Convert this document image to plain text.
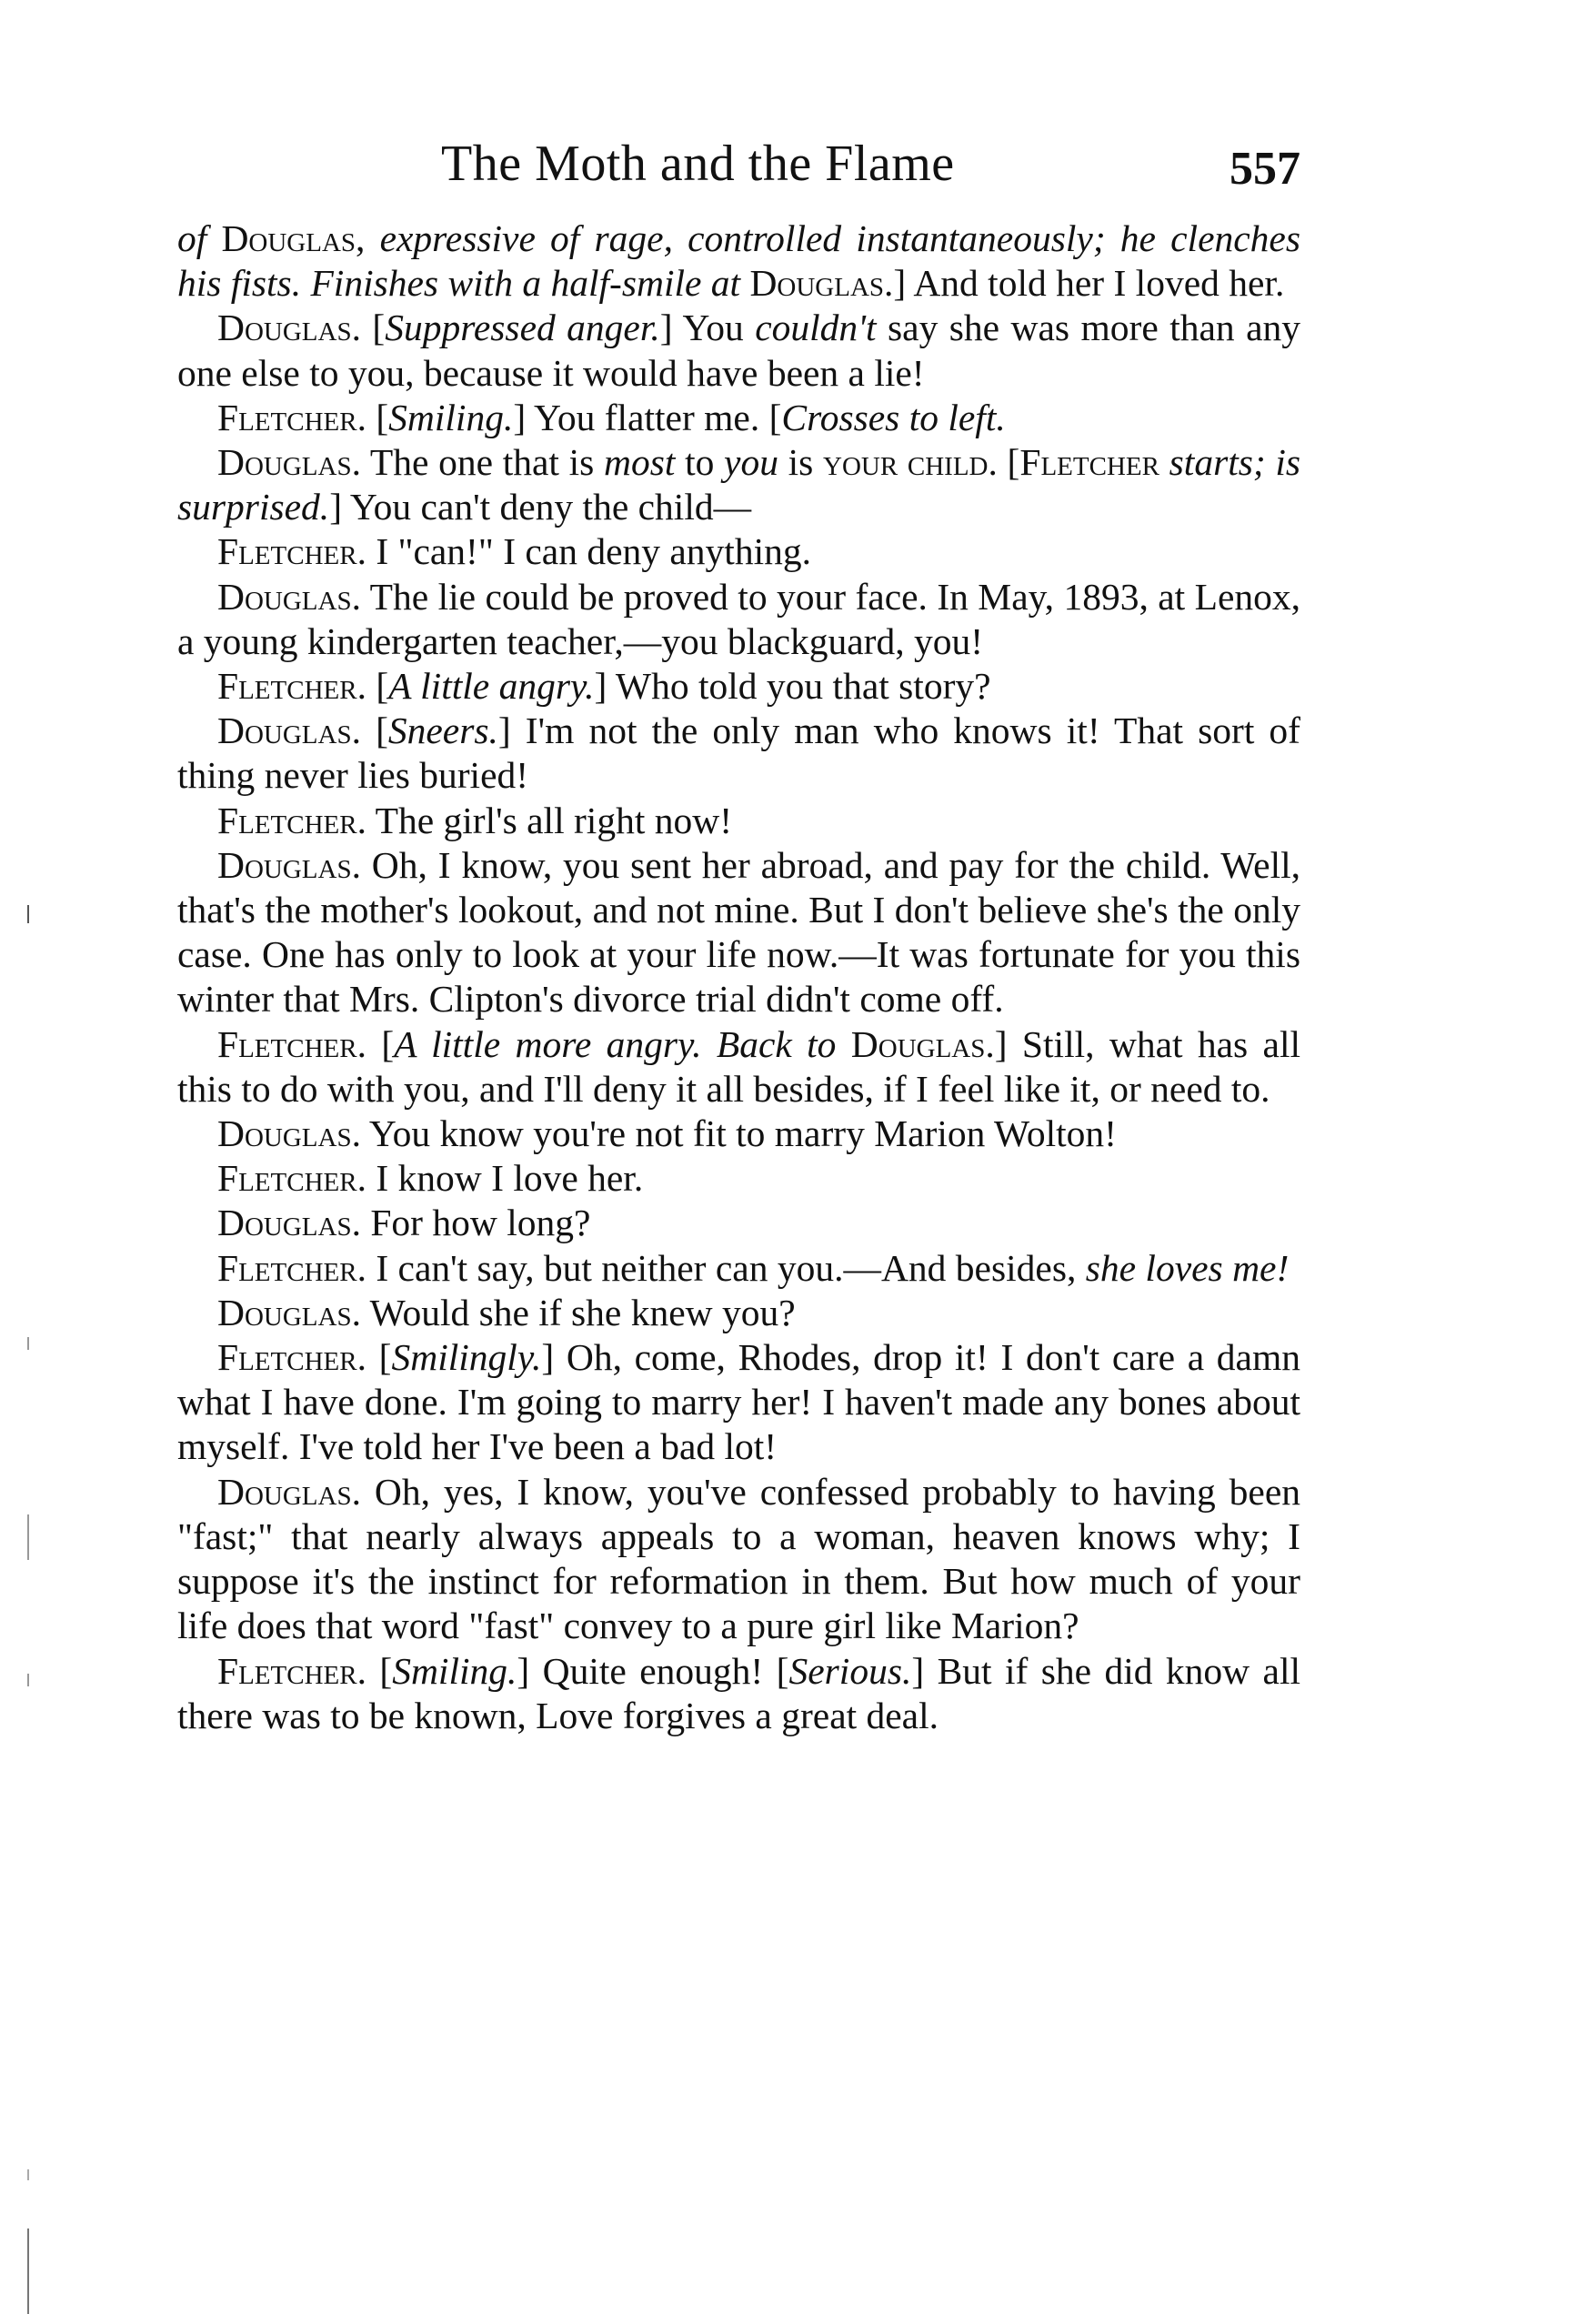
The Moth and the Flame	557

of Douglas, expressive of rage, controlled instantaneously; he clenches his fists. Finishes with a half-smile at Douglas.] And told her I loved her.

Douglas. [Suppressed anger.] You couldn't say she was more than any one else to you, because it would have been a lie!

Fletcher. [Smiling.] You flatter me. [Crosses to left.

Douglas. The one that is most to you is your child. [Fletcher starts; is surprised.] You can't deny the child—

Fletcher. I "can!" I can deny anything.

Douglas. The lie could be proved to your face. In May, 1893, at Lenox, a young kindergarten teacher,—you blackguard, you!

Fletcher. [A little angry.] Who told you that story?

Douglas. [Sneers.] I'm not the only man who knows it! That sort of thing never lies buried!

Fletcher. The girl's all right now!

Douglas. Oh, I know, you sent her abroad, and pay for the child. Well, that's the mother's lookout, and not mine. But I don't believe she's the only case. One has only to look at your life now.—It was fortunate for you this winter that Mrs. Clipton's divorce trial didn't come off.

Fletcher. [A little more angry. Back to Douglas.] Still, what has all this to do with you, and I'll deny it all besides, if I feel like it, or need to.

Douglas. You know you're not fit to marry Marion Wolton!

Fletcher. I know I love her.

Douglas. For how long?

Fletcher. I can't say, but neither can you.—And besides, she loves me!

Douglas. Would she if she knew you?

Fletcher. [Smilingly.] Oh, come, Rhodes, drop it! I don't care a damn what I have done. I'm going to marry her! I haven't made any bones about myself. I've told her I've been a bad lot!

Douglas. Oh, yes, I know, you've confessed probably to having been "fast;" that nearly always appeals to a woman, heaven knows why; I suppose it's the instinct for reformation in them. But how much of your life does that word "fast" convey to a pure girl like Marion?

Fletcher. [Smiling.] Quite enough! [Serious.] But if she did know all there was to be known, Love forgives a great deal.
